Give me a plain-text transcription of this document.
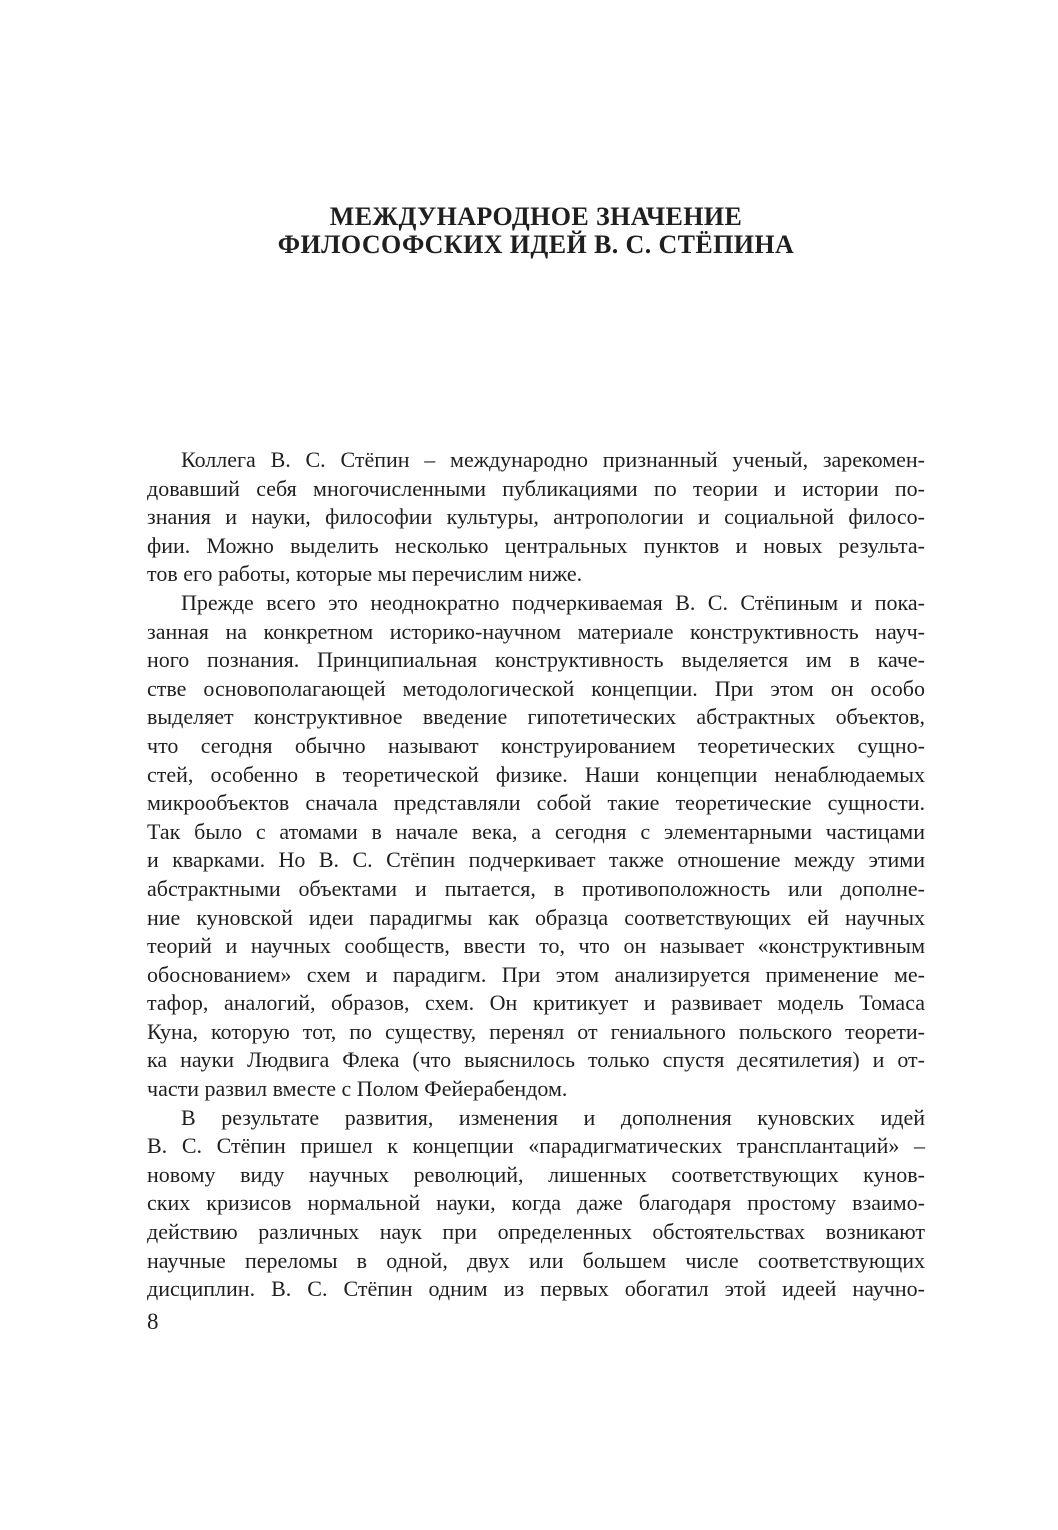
МЕЖДУНАРОДНОЕ ЗНАЧЕНИЕ
ФИЛОСОФСКИХ ИДЕЙ В. С. СТЁПИНА
Коллега В. С. Стёпин – международно признанный ученый, зарекомен-
довавший себя многочисленными публикациями по теории и истории по-
знания и науки, философии культуры, антропологии и социальной филосо-
фии. Можно выделить несколько центральных пунктов и новых результа-
тов его работы, которые мы перечислим ниже.
Прежде всего это неоднократно подчеркиваемая В. С. Стёпиным и пока-
занная на конкретном историко-научном материале конструктивность науч-
ного познания. Принципиальная конструктивность выделяется им в каче-
стве основополагающей методологической концепции. При этом он особо
выделяет конструктивное введение гипотетических абстрактных объектов,
что сегодня обычно называют конструированием теоретических сущно-
стей, особенно в теоретической физике. Наши концепции ненаблюдаемых
микрообъектов сначала представляли собой такие теоретические сущности.
Так было с атомами в начале века, а сегодня с элементарными частицами
и кварками. Но В. С. Стёпин подчеркивает также отношение между этими
абстрактными объектами и пытается, в противоположность или дополне-
ние куновской идеи парадигмы как образца соответствующих ей научных
теорий и научных сообществ, ввести то, что он называет «конструктивным
обоснованием» схем и парадигм. При этом анализируется применение ме-
тафор, аналогий, образов, схем. Он критикует и развивает модель Томаса
Куна, которую тот, по существу, перенял от гениального польского теорети-
ка науки Людвига Флека (что выяснилось только спустя десятилетия) и от-
части развил вместе с Полом Фейерабендом.
В результате развития, изменения и дополнения куновских идей
В. С. Стёпин пришел к концепции «парадигматических трансплантаций» –
новому виду научных революций, лишенных соответствующих кунов-
ских кризисов нормальной науки, когда даже благодаря простому взаимо-
действию различных наук при определенных обстоятельствах возникают
научные переломы в одной, двух или большем числе соответствующих
дисциплин. В. С. Стёпин одним из первых обогатил этой идеей научно-
8
